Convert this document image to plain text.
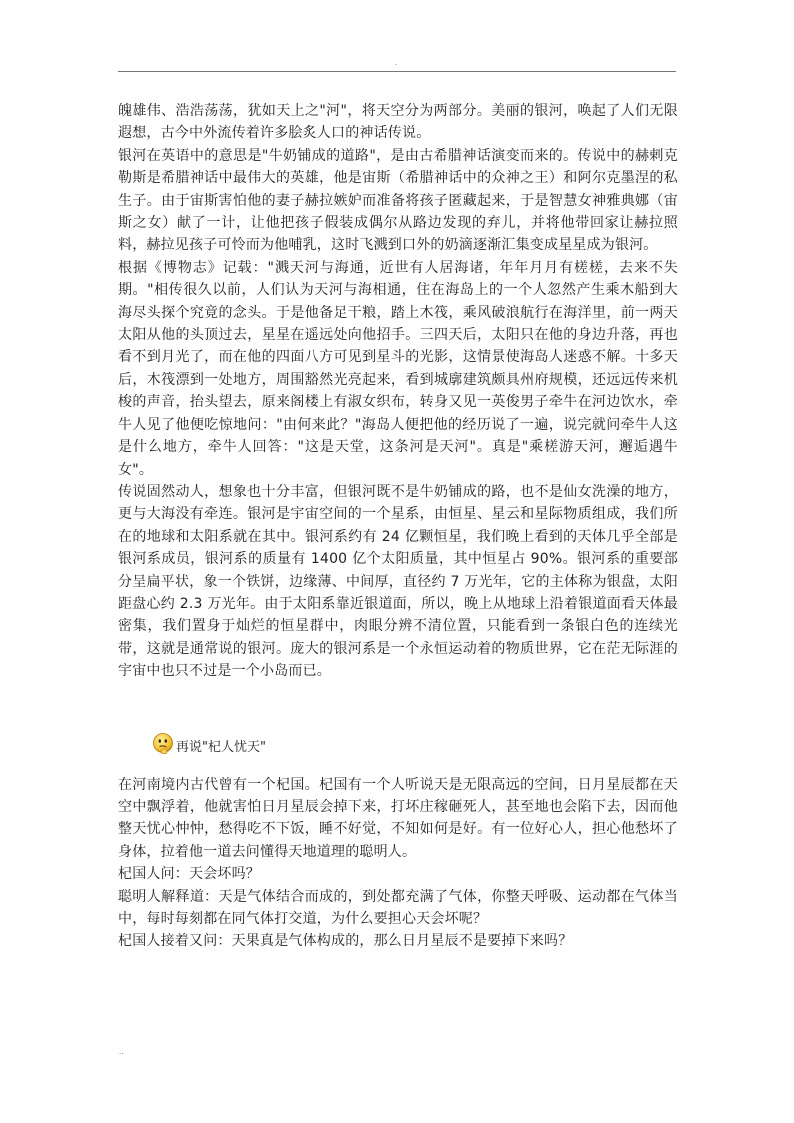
.

魄雄伟、浩浩荡荡，犹如天上之"河"，将天空分为两部分。美丽的银河，唤起了人们无限遐想，古今中外流传着许多脍炙人口的神话传说。

银河在英语中的意思是"牛奶铺成的道路"，是由古希腊神话演变而来的。传说中的赫剌克勒斯是希腊神话中最伟大的英雄，他是宙斯（希腊神话中的众神之王）和阿尔克墨涅的私生子。由于宙斯害怕他的妻子赫拉嫉妒而准备将孩子匿藏起来，于是智慧女神雅典娜（宙斯之女）献了一计，让他把孩子假装成偶尔从路边发现的弃儿，并将他带回家让赫拉照料，赫拉见孩子可怜而为他哺乳，这时飞溅到口外的奶滴逐渐汇集变成星星成为银河。

根据《博物志》记载："溅天河与海通，近世有人居海诸，年年月月有槎槎，去来不失期。"相传很久以前，人们认为天河与海相通，住在海岛上的一个人忽然产生乘木船到大海尽头探个究竟的念头。于是他备足干粮，踏上木筏，乘风破浪航行在海洋里，前一两天太阳从他的头顶过去，星星在遥远处向他招手。三四天后，太阳只在他的身边升落，再也看不到月光了，而在他的四面八方可见到星斗的光影，这情景使海岛人迷惑不解。十多天后，木筏漂到一处地方，周围豁然光亮起来，看到城廓建筑颇具州府规模，还远远传来机梭的声音，抬头望去，原来阁楼上有淑女织布，转身又见一英俊男子牵牛在河边饮水，牵牛人见了他便吃惊地问："由何来此？"海岛人便把他的经历说了一遍，说完就问牵牛人这是什么地方，牵牛人回答："这是天堂，这条河是天河"。真是"乘槎游天河，邂逅遇牛女"。

传说固然动人，想象也十分丰富，但银河既不是牛奶铺成的路，也不是仙女洗澡的地方，更与大海没有牵连。银河是宇宙空间的一个星系，由恒星、星云和星际物质组成，我们所在的地球和太阳系就在其中。银河系约有 24 亿颗恒星，我们晚上看到的天体几乎全部是银河系成员，银河系的质量有 1400 亿个太阳质量，其中恒星占 90%。银河系的重要部分呈扁平状，象一个铁饼，边缘薄、中间厚，直径约 7 万光年，它的主体称为银盘，太阳距盘心约 2.3 万光年。由于太阳系靠近银道面，所以，晚上从地球上沿着银道面看天体最密集，我们置身于灿烂的恒星群中，肉眼分辨不清位置，只能看到一条银白色的连续光带，这就是通常说的银河。庞大的银河系是一个永恒运动着的物质世界，它在茫无际涯的宇宙中也只不过是一个小岛而已。

再说"杞人忧天"

在河南境内古代曾有一个杞国。杞国有一个人听说天是无限高远的空间，日月星辰都在天空中飘浮着，他就害怕日月星辰会掉下来，打坏庄稼砸死人，甚至地也会陷下去，因而他整天忧心忡忡，愁得吃不下饭，睡不好觉，不知如何是好。有一位好心人，担心他愁坏了身体，拉着他一道去问懂得天地道理的聪明人。

杞国人问：天会坏吗？

聪明人解释道：天是气体结合而成的，到处都充满了气体，你整天呼吸、运动都在气体当中，每时每刻都在同气体打交道，为什么要担心天会坏呢？

杞国人接着又问：天果真是气体构成的，那么日月星辰不是要掉下来吗？

..
